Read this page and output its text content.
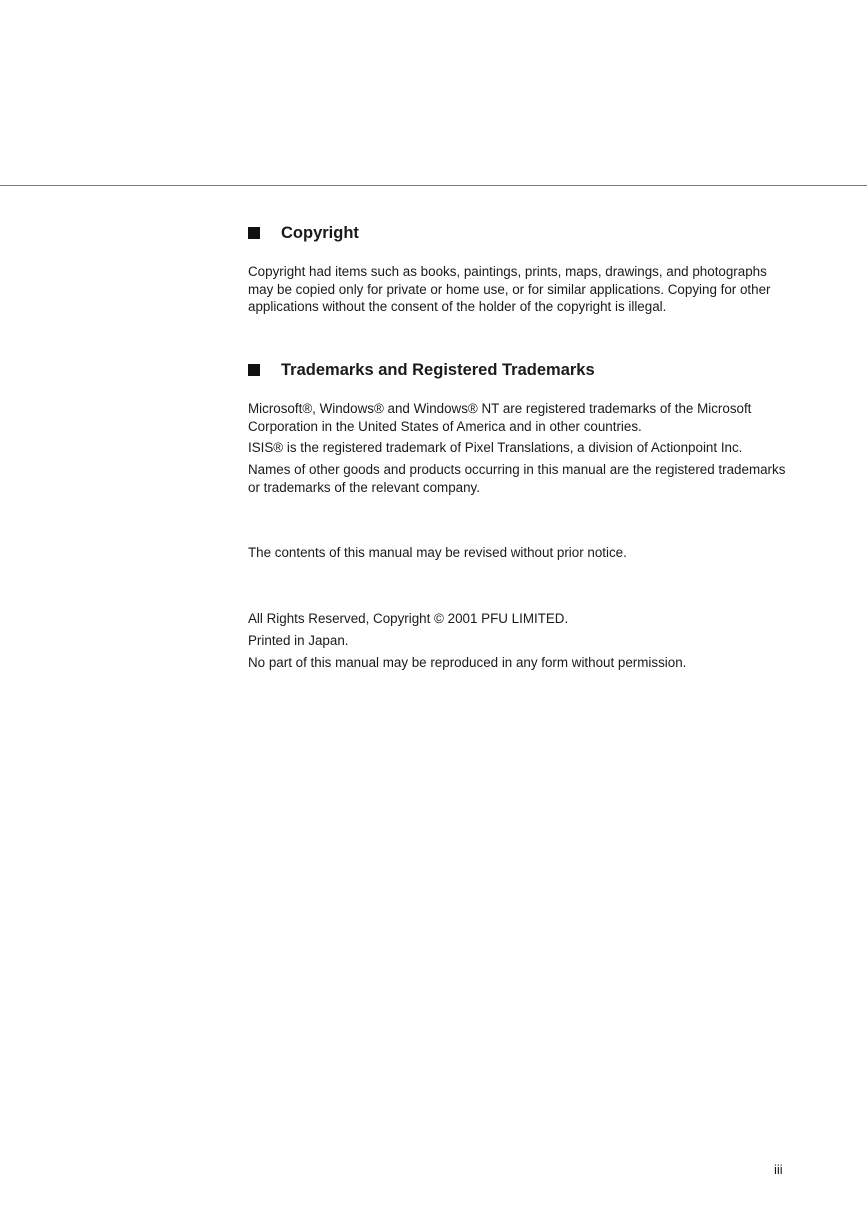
Copyright

Copyright had items such as books, paintings, prints, maps, drawings, and photographs may be copied only for private or home use, or for similar applications. Copying for other applications without the consent of the holder of the copyright is illegal.

Trademarks and Registered Trademarks

Microsoft®, Windows® and Windows® NT are registered trademarks of the Microsoft Corporation in the United States of America and in other countries.

ISIS® is the registered trademark of Pixel Translations, a division of Actionpoint Inc.

Names of other goods and products occurring in this manual are the registered trademarks or trademarks of the relevant company.

The contents of this manual may be revised without prior notice.

All Rights Reserved, Copyright © 2001 PFU LIMITED.

Printed in Japan.

No part of this manual may be reproduced in any form without permission.

iii
